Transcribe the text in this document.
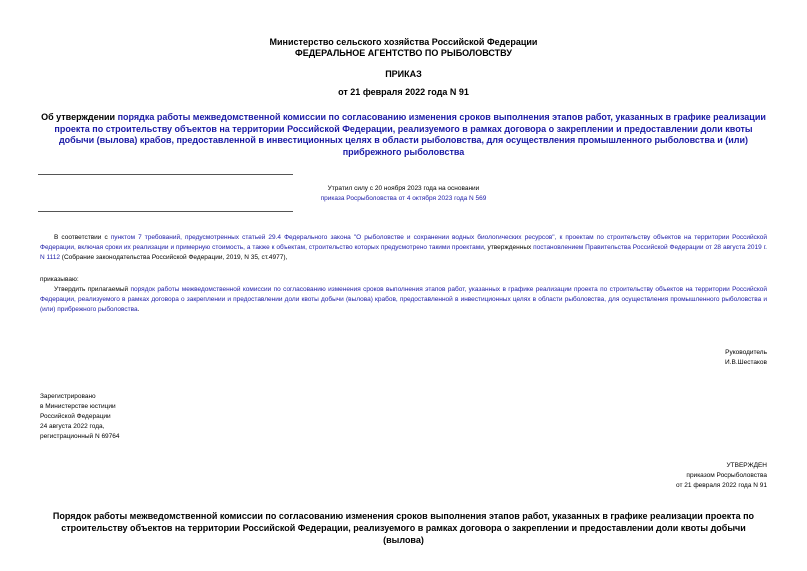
Министерство сельского хозяйства Российской Федерации
ФЕДЕРАЛЬНОЕ АГЕНТСТВО ПО РЫБОЛОВСТВУ
ПРИКАЗ
от 21 февраля 2022 года N 91
Об утверждении порядка работы межведомственной комиссии по согласованию изменения сроков выполнения этапов работ, указанных в графике реализации проекта по строительству объектов на территории Российской Федерации, реализуемого в рамках договора о закреплении и предоставлении доли квоты добычи (вылова) крабов, предоставленной в инвестиционных целях в области рыболовства, для осуществления промышленного рыболовства и (или) прибрежного рыболовства
Утратил силу с 20 ноября 2023 года на основании
приказа Росрыболовства от 4 октября 2023 года N 569
В соответствии с пунктом 7 требований, предусмотренных статьей 29.4 Федерального закона "О рыболовстве и сохранении водных биологических ресурсов", к проектам по строительству объектов на территории Российской Федерации, включая сроки их реализации и примерную стоимость, а также к объектам, строительство которых предусмотрено такими проектами, утвержденных постановлением Правительства Российской Федерации от 28 августа 2019 г. N 1112 (Собрание законодательства Российской Федерации, 2019, N 35, ст.4977),
приказываю:
Утвердить прилагаемый порядок работы межведомственной комиссии по согласованию изменения сроков выполнения этапов работ, указанных в графике реализации проекта по строительству объектов на территории Российской Федерации, реализуемого в рамках договора о закреплении и предоставлении доли квоты добычи (вылова) крабов, предоставленной в инвестиционных целях в области рыболовства, для осуществления промышленного рыболовства и (или) прибрежного рыболовства.
Руководитель
И.В.Шестаков
Зарегистрировано
в Министерстве юстиции
Российской Федерации
24 августа 2022 года,
регистрационный N 69764
УТВЕРЖДЕН
приказом Росрыболовства
от 21 февраля 2022 года N 91
Порядок работы межведомственной комиссии по согласованию изменения сроков выполнения этапов работ, указанных в графике реализации проекта по строительству объектов на территории Российской Федерации, реализуемого в рамках договора о закреплении и предоставлении доли квоты добычи (вылова)
